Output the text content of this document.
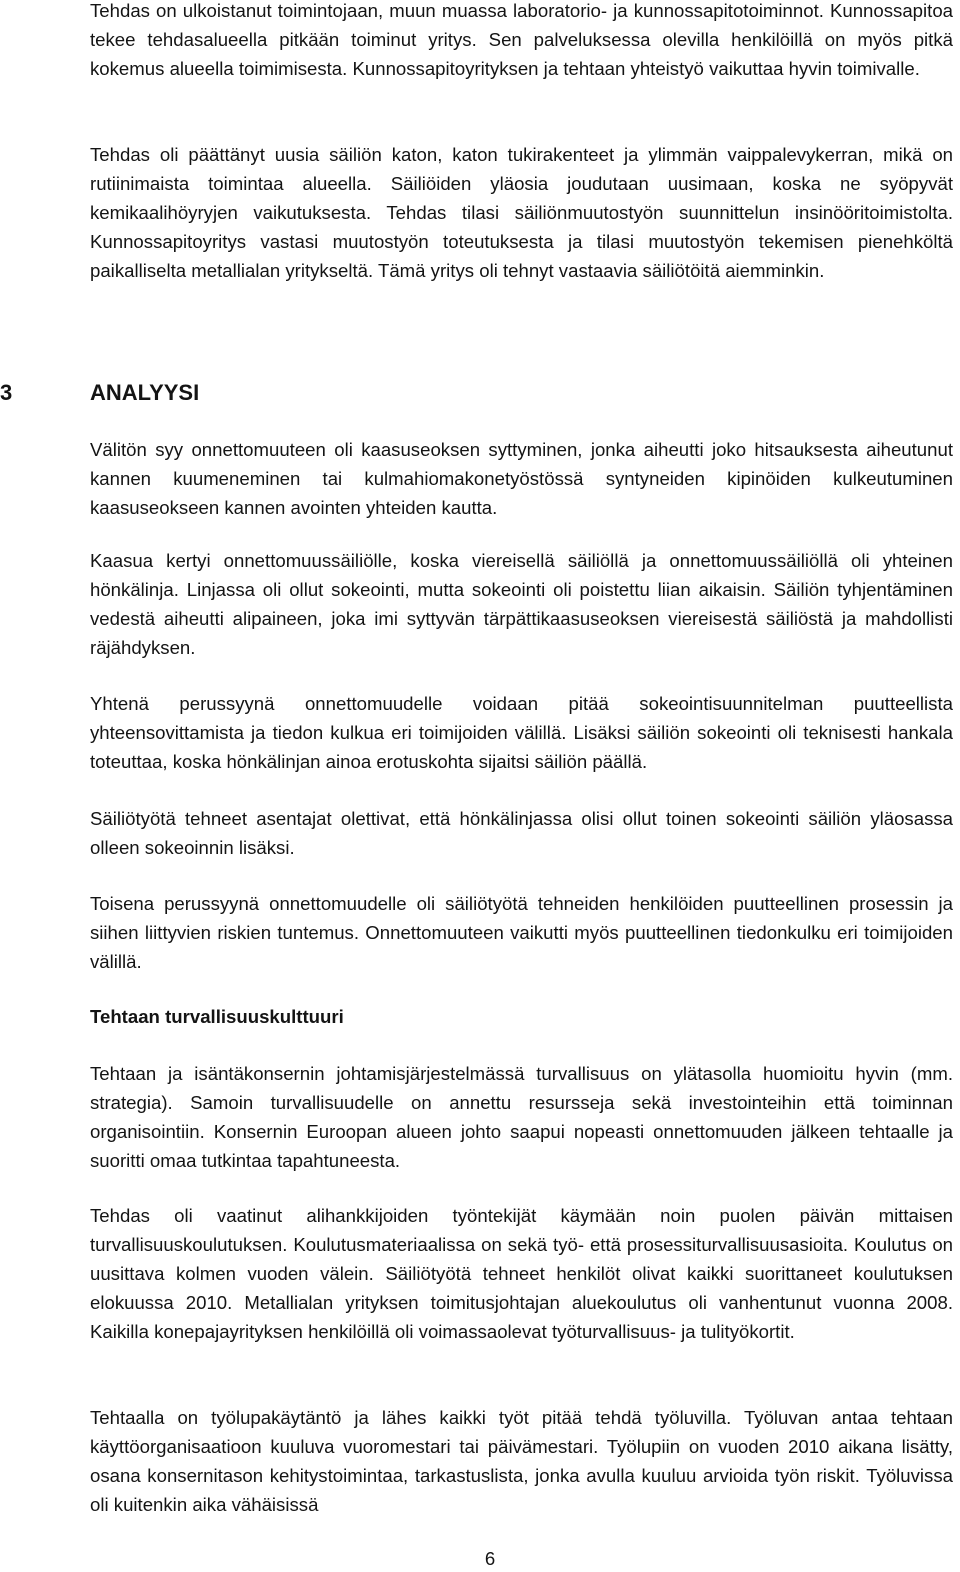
Tehdas on ulkoistanut toimintojaan, muun muassa laboratorio- ja kunnossapitotoiminnot. Kunnossapitoa tekee tehdasalueella pitkään toiminut yritys. Sen palveluksessa olevilla henkilöillä on myös pitkä kokemus alueella toimimisesta. Kunnossapitoyrityksen ja tehtaan yhteistyö vaikuttaa hyvin toimivalle.

Tehdas oli päättänyt uusia säiliön katon, katon tukirakenteet ja ylimmän vaippalevykerran, mikä on rutiinimaista toimintaa alueella. Säiliöiden yläosia joudutaan uusimaan, koska ne syöpyvät kemikaalihöyryjen vaikutuksesta. Tehdas tilasi säiliönmuutostyön suunnittelun insinööritoimistolta. Kunnossapitoyritys vastasi muutostyön toteutuksesta ja tilasi muutostyön tekemisen pienehköltä paikalliselta metallialan yritykseltä. Tämä yritys oli tehnyt vastaavia säiliötöitä aiemminkin.

3	ANALYYSI

Välitön syy onnettomuuteen oli kaasuseoksen syttyminen, jonka aiheutti joko hitsauksesta aiheutunut kannen kuumeneminen tai kulmahiomakonetyöstössä syntyneiden kipinöiden kulkeutuminen kaasuseokseen kannen avointen yhteiden kautta.

Kaasua kertyi onnettomuussäiliölle, koska viereisellä säiliöllä ja onnettomuussäiliöllä oli yhteinen hönkälinja. Linjassa oli ollut sokeointi, mutta sokeointi oli poistettu liian aikaisin. Säiliön tyhjentäminen vedestä aiheutti alipaineen, joka imi syttyvän tärpättikaasuseoksen viereisestä säiliöstä ja mahdollisti räjähdyksen.

Yhtenä perussyynä onnettomuudelle voidaan pitää sokeointisuunnitelman puutteellista yhteensovittamista ja tiedon kulkua eri toimijoiden välillä. Lisäksi säiliön sokeointi oli teknisesti hankala toteuttaa, koska hönkälinjan ainoa erotuskohta sijaitsi säiliön päällä.

Säiliötyötä tehneet asentajat olettivat, että hönkälinjassa olisi ollut toinen sokeointi säiliön yläosassa olleen sokeoinnin lisäksi.

Toisena perussyynä onnettomuudelle oli säiliötyötä tehneiden henkilöiden puutteellinen prosessin ja siihen liittyvien riskien tuntemus. Onnettomuuteen vaikutti myös puutteellinen tiedonkulku eri toimijoiden välillä.

Tehtaan turvallisuuskulttuuri

Tehtaan ja isäntäkonsernin johtamisjärjestelmässä turvallisuus on ylätasolla huomioitu hyvin (mm. strategia). Samoin turvallisuudelle on annettu resursseja sekä investointeihin että toiminnan organisointiin. Konsernin Euroopan alueen johto saapui nopeasti onnettomuuden jälkeen tehtaalle ja suoritti omaa tutkintaa tapahtuneesta.

Tehdas oli vaatinut alihankkijoiden työntekijät käymään noin puolen päivän mittaisen turvallisuuskoulutuksen. Koulutusmateriaalissa on sekä työ- että prosessiturvallisuusasioita. Koulutus on uusittava kolmen vuoden välein. Säiliötyötä tehneet henkilöt olivat kaikki suorittaneet koulutuksen elokuussa 2010. Metallialan yrityksen toimitusjohtajan aluekoulutus oli vanhentunut vuonna 2008. Kaikilla konepajayrityksen henkilöillä oli voimassaolevat työturvallisuus- ja tulityökortit.

Tehtaalla on työlupakäytäntö ja lähes kaikki työt pitää tehdä työluvilla. Työluvan antaa tehtaan käyttöorganisaatioon kuuluva vuoromestari tai päivämestari. Työlupiin on vuoden 2010 aikana lisätty, osana konsernitason kehitystoimintaa, tarkastuslista, jonka avulla kuuluu arvioida työn riskit. Työluvissa oli kuitenkin aika vähäisissä

6
